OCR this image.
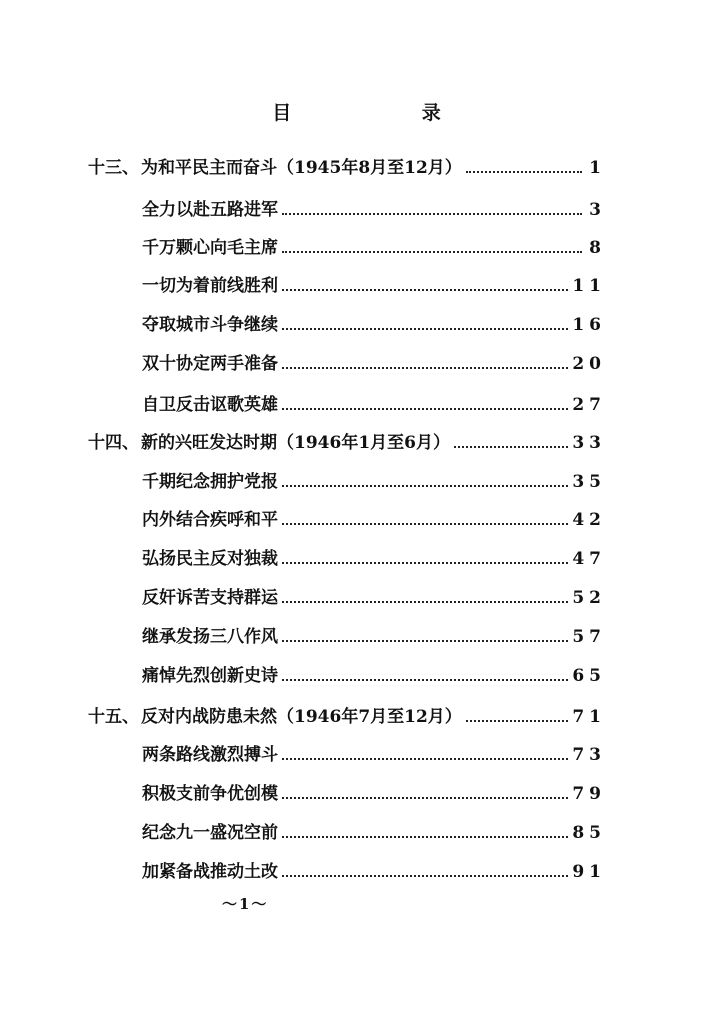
目 录
十三、 为和平民主而奋斗（1945年8月至12月）	1
全力以赴五路进军	3
千万颗心向毛主席	8
一切为着前线胜利	11
夺取城市斗争继续	16
双十协定两手准备	20
自卫反击讴歌英雄	27
十四、 新的兴旺发达时期（1946年1月至6月）	33
千期纪念拥护党报	35
内外结合疾呼和平	42
弘扬民主反对独裁	47
反奸诉苦支持群运	52
继承发扬三八作风	57
痛悼先烈创新史诗	65
十五、 反对内战防患未然（1946年7月至12月）	71
两条路线激烈搏斗	73
积极支前争优创模	79
纪念九一盛况空前	85
加紧备战推动土改	91
～1～
